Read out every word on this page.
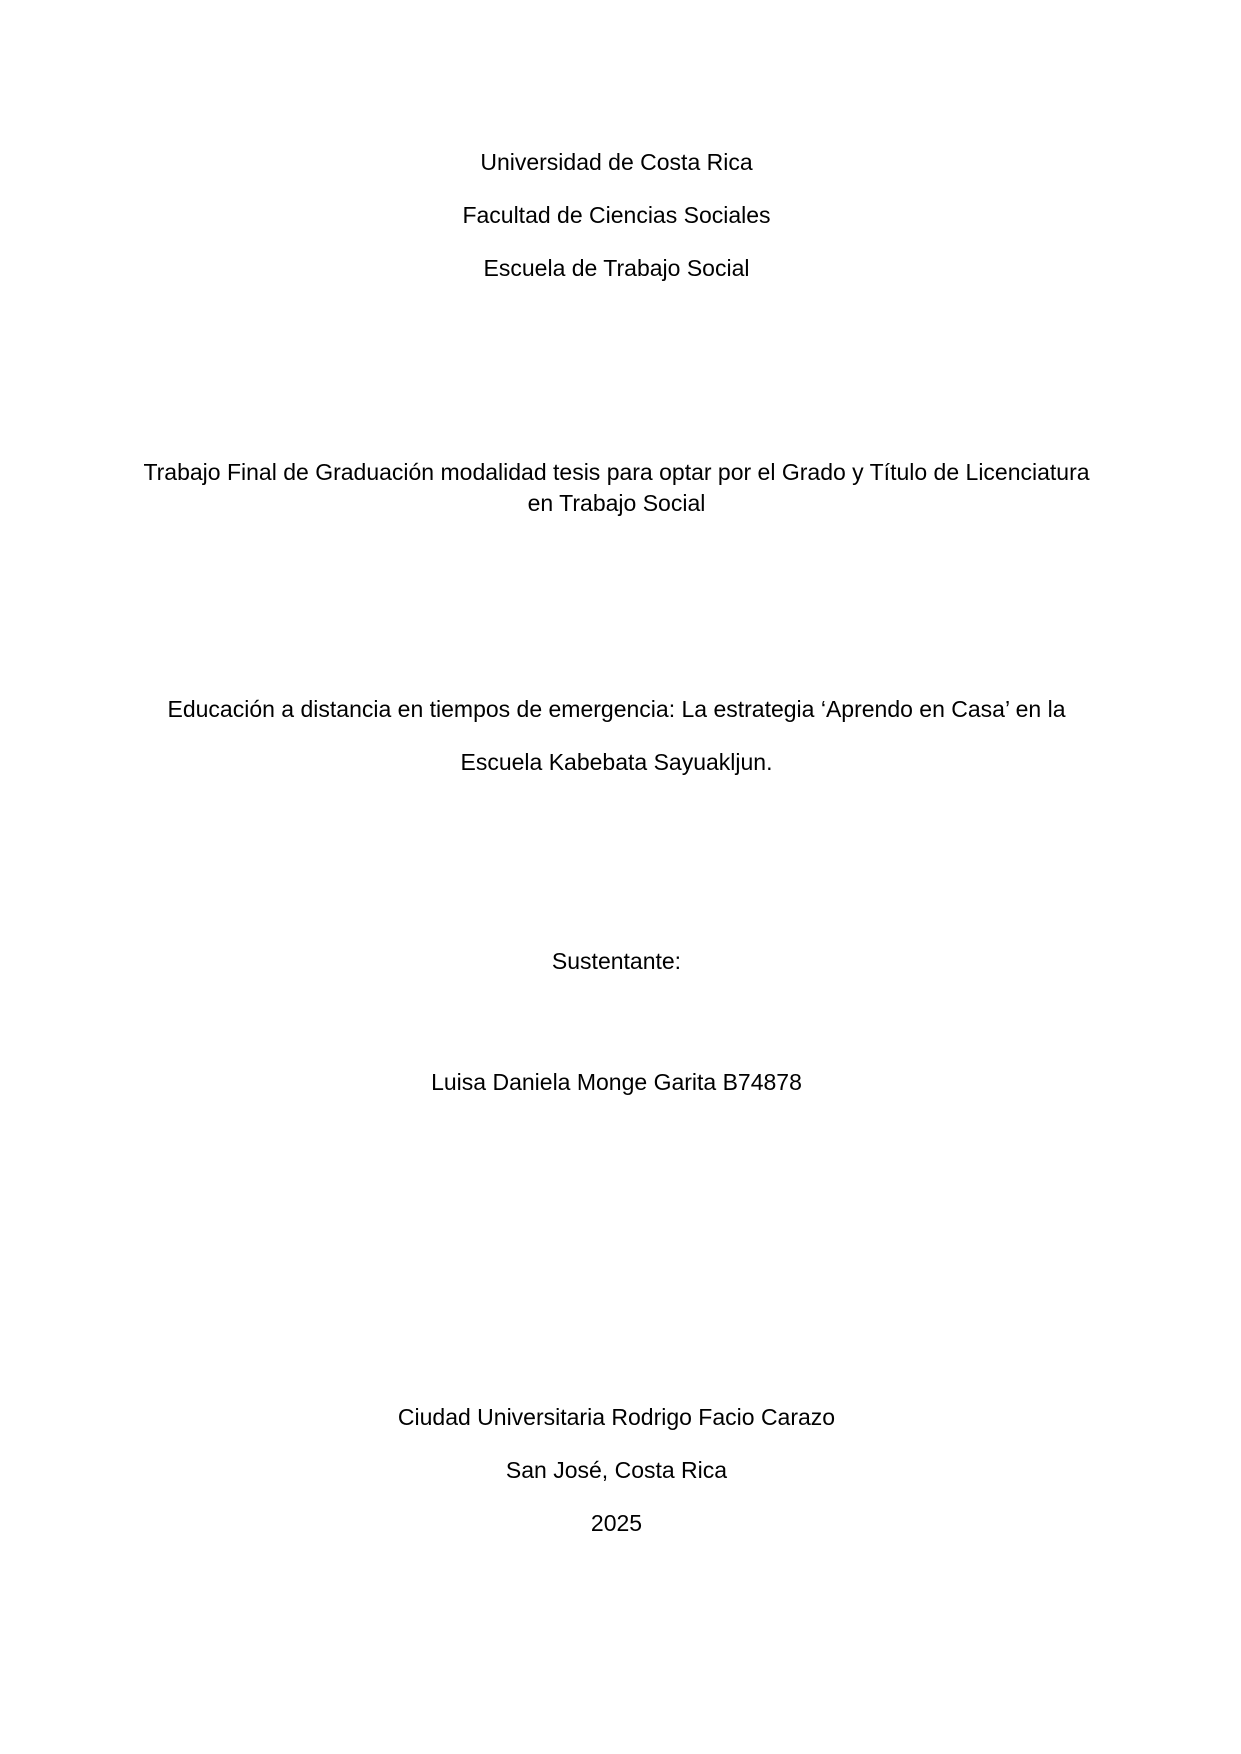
Universidad de Costa Rica
Facultad de Ciencias Sociales
Escuela de Trabajo Social
Trabajo Final de Graduación modalidad tesis para optar por el Grado y Título de Licenciatura
en Trabajo Social
Educación a distancia en tiempos de emergencia: La estrategia ‘Aprendo en Casa’ en la
Escuela Kabebata Sayuakljun.
Sustentante:
Luisa Daniela Monge Garita B74878
Ciudad Universitaria Rodrigo Facio Carazo
San José, Costa Rica
2025
